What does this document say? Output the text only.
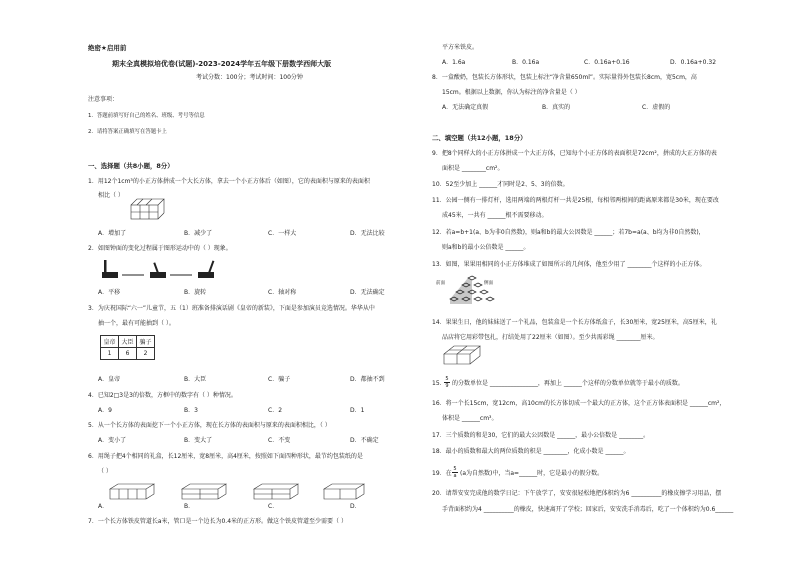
绝密★启用前
期末全真模拟培优卷(试题)-2023-2024学年五年级下册数学西师大版
考试分数：100分；考试时间：100分钟
注意事项：
1．答题前填写好自己的姓名、班级、考号等信息
2．请将答案正确填写在答题卡上
一、选择题（共8小题，8分）
1．用12个1cm³的小正方体拼成一个大长方体，拿去一个小正方体后（如图），它的表面积与原来的表面积
相比（ ）
A．增加了	B．减少了	C．一样大	D．无法比较
2．如图钟面的变化过程属于图形运动中的（ ）现象。
A．平移	B．旋转	C．轴对称	D．无法确定
3．为庆祝国际“六一”儿童节，五（1）班准备排演话剧《皇帝的新装》，下面是参加演员竞选情况。华华从中
抽一个，最有可能抽到（ ）。
皇帝	大臣	骗子
1	6	2
A．皇帝	B．大臣	C．骗子	D．都抽不到
4．已知2□3是3的倍数，方框中的数字有（ ）种情况。
A．9	B．3	C．2	D．1
5．从一个长方体的表面挖下一个小正方体，现在长方体的表面积与原来的表面积相比，（ ）
A．变小了	B．变大了	C．不变	D．不确定
6．用绳子把4个相同的礼盒，长12厘米，宽8厘米，高4厘米，按照如下面四种形状，最节约包装纸的是
（ ）
A．	B．	C．	D．
7．一个长方体铁皮管道长a米，管口是一个边长为0.4米的正方形。做这个铁皮管道至少需要（ ）
平方米铁皮。
A．1.6a	B．0.16a	C．0.16a+0.16	D．0.16a+0.32
8．一盒酸奶，包装长方体形状，包装上标注“净含量650ml”。实际量得外包装长8cm，宽5cm，高
15cm。根据以上数据，你认为标注的净含量是（ ）
A．无法确定真假	B．真实的	C．虚假的
二、填空题（共12小题，18分）
9．把8个同样大的小正方体拼成一个大正方体，已知每个小正方体的表面积是72cm²，拼成的大正方体的表
面积是 ________cm²。
10．52至少加上 ______才同时是2、5、3的倍数。
11．公园一侧有一排灯杆，选用两端的两根灯杆一共是25根，每相邻两根间的距离原来都是30米，现在要改
成45米，一共有 ______根不需要移动。
12．若a=b+1(a、b为非0自然数)，则a和b的最大公因数是 ______；若7b=a(a、b均为非0自然数)，
则a和b的最小公倍数是 ______。
13．如图，果果用相同的小正方体堆成了如图所示的几何体，他至少用了 ________个这样的小正方体。
前面	侧面
14．果果生日，他的妹妹送了一个礼品，包装盒是一个长方体纸盒子，长30厘米，宽25厘米，高5厘米，礼
品店将它用彩带包扎，打结处用了22厘米（如图）。至少共需彩绳 ________厘米。
15．
$\frac{5}{9}$ 的分数单位是 ________________，再加上 ______个这样的分数单位就等于最小的质数。
16．将一个长15cm，宽12cm，高10cm的长方体切成一个最大的正方体，这个正方体表面积是 ______cm²，
体积是 ______cm³。
17．三个质数的和是30，它们的最大公因数是 ______，最小公倍数是 ________。
18．最小的质数和最大的两位质数的积是 ________，化成小数是 ______。
19．在 $\frac{5}{a} (a$为自然数)中，当a=______时，它是最小的假分数。
20．请帮安安完成他的数学日记：下午放学了，安安很轻松地把体积约为6 __________的橡皮擦学习用品，摆
手背面积约为4 __________的橡皮，快速离开了学校；回家后，安安洗手消毒后，吃了一个体积约为0.6______
